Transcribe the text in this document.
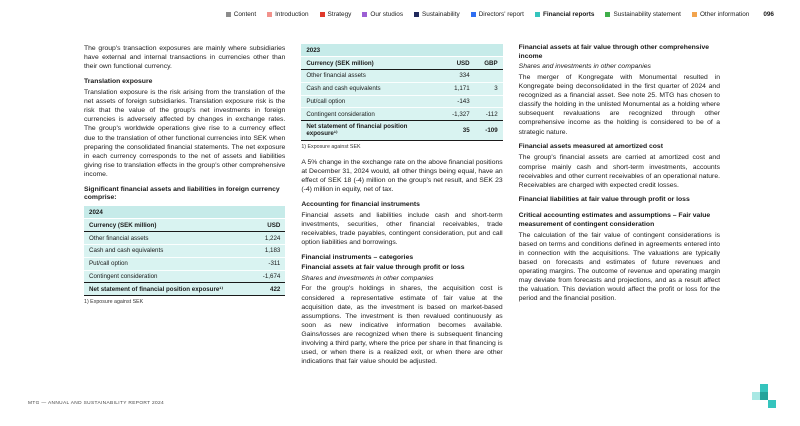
Content	Introduction	Strategy	Our studios	Sustainability	Directors' report	Financial reports	Sustainability statement	Other information 096

The group's transaction exposures are mainly where subsidiaries have external and internal transactions in currencies other than their own functional currency.

Translation exposure

Translation exposure is the risk arising from the translation of the net assets of foreign subsidiaries. Translation exposure risk is the risk that the value of the group's net investments in foreign currencies is adversely affected by changes in exchange rates. The group's worldwide operations give rise to a currency effect due to the translation of other functional currencies into SEK when preparing the consolidated financial statements. The net exposure in each currency corresponds to the net of assets and liabilities giving rise to translation effects in the group's other comprehensive income.

Significant financial assets and liabilities in foreign currency comprise:
2024
Currency (SEK million)	USD
Other financial assets	1,224
Cash and cash equivalents	1,183
Put/call option	-311
Contingent consideration	-1,674
Net statement of financial position exposure¹⁾	422
1) Exposure against SEK
2023
Currency (SEK million)	USD	GBP
Other financial assets	334
Cash and cash equivalents	1,171	3
Put/call option	-143
Contingent consideration	-1,327	-112
Net statement of financial position exposure¹⁾	35	-109
1) Exposure against SEK

A 5% change in the exchange rate on the above financial positions at December 31, 2024 would, all other things being equal, have an effect of SEK 18 (-4) million on the group's net result, and SEK 23 (-4) million in equity, net of tax.

Accounting for financial instruments

Financial assets and liabilities include cash and short-term investments, securities, other financial receivables, trade receivables, trade payables, contingent consideration, put and call option liabilities and borrowings.

Financial instruments – categories
Financial assets at fair value through profit or loss
Shares and investments in other companies

For the group's holdings in shares, the acquisition cost is considered a representative estimate of fair value at the acquisition date, as the investment is based on market-based assumptions. The investment is then revalued continuously as soon as new indicative information becomes available. Gains/losses are recognized when there is subsequent financing involving a third party, where the price per share in that financing is used, or when there is a realized exit, or when there are other indications that fair value should be adjusted.

Financial assets at fair value through other comprehensive income
Shares and investments in other companies

The merger of Kongregate with Monumental resulted in Kongregate being deconsolidated in the first quarter of 2024 and recognized as a financial asset. See note 25. MTG has chosen to classify the holding in the unlisted Monumental as a holding where subsequent revaluations are recognized through other comprehensive income as the holding is considered to be of a strategic nature.

Financial assets measured at amortized cost

The group's financial assets are carried at amortized cost and comprise mainly cash and short-term investments, accounts receivables and other current receivables of an operational nature. Receivables are charged with expected credit losses.

Financial liabilities at fair value through profit or loss
Critical accounting estimates and assumptions – Fair value measurement of contingent consideration

The calculation of the fair value of contingent considerations is based on terms and conditions defined in agreements entered into in connection with the acquisitions. The valuations are typically based on forecasts and estimates of future revenues and operating margins. The outcome of revenue and operating margin may deviate from forecasts and projections, and as a result affect the valuation. This deviation would affect the profit or loss for the period and the financial position.

MTG — ANNUAL AND SUSTAINABILITY REPORT 2024
